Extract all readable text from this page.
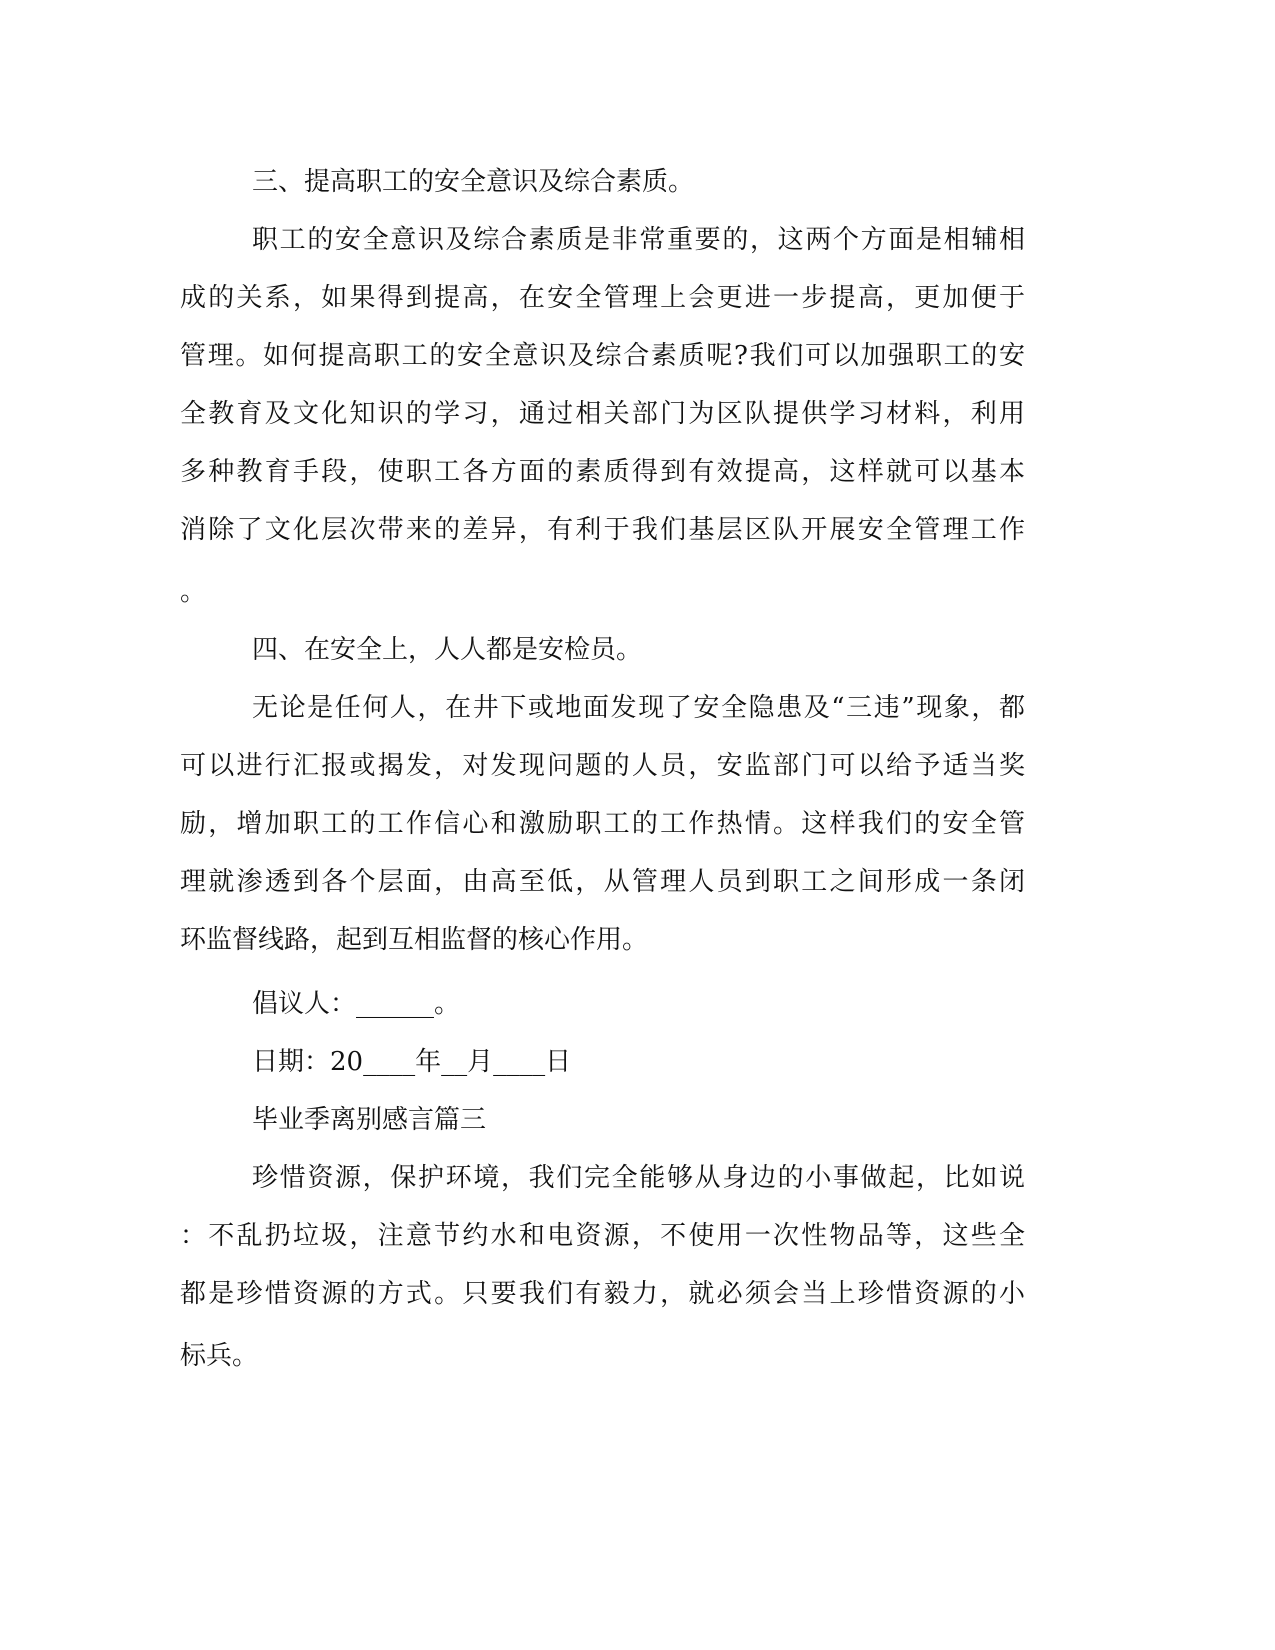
三、提高职工的安全意识及综合素质。
职工的安全意识及综合素质是非常重要的，这两个方面是相辅相
成的关系，如果得到提高，在安全管理上会更进一步提高，更加便于
管理。如何提高职工的安全意识及综合素质呢?我们可以加强职工的安
全教育及文化知识的学习，通过相关部门为区队提供学习材料，利用
多种教育手段，使职工各方面的素质得到有效提高，这样就可以基本
消除了文化层次带来的差异，有利于我们基层区队开展安全管理工作
。
四、在安全上，人人都是安检员。
无论是任何人，在井下或地面发现了安全隐患及“三违”现象，都
可以进行汇报或揭发，对发现问题的人员，安监部门可以给予适当奖
励，增加职工的工作信心和激励职工的工作热情。这样我们的安全管
理就渗透到各个层面，由高至低，从管理人员到职工之间形成一条闭
环监督线路，起到互相监督的核心作用。
倡议人：______。
日期：20____年__月____日
毕业季离别感言篇三
珍惜资源，保护环境，我们完全能够从身边的小事做起，比如说
：不乱扔垃圾，注意节约水和电资源，不使用一次性物品等，这些全
都是珍惜资源的方式。只要我们有毅力，就必须会当上珍惜资源的小
标兵。
